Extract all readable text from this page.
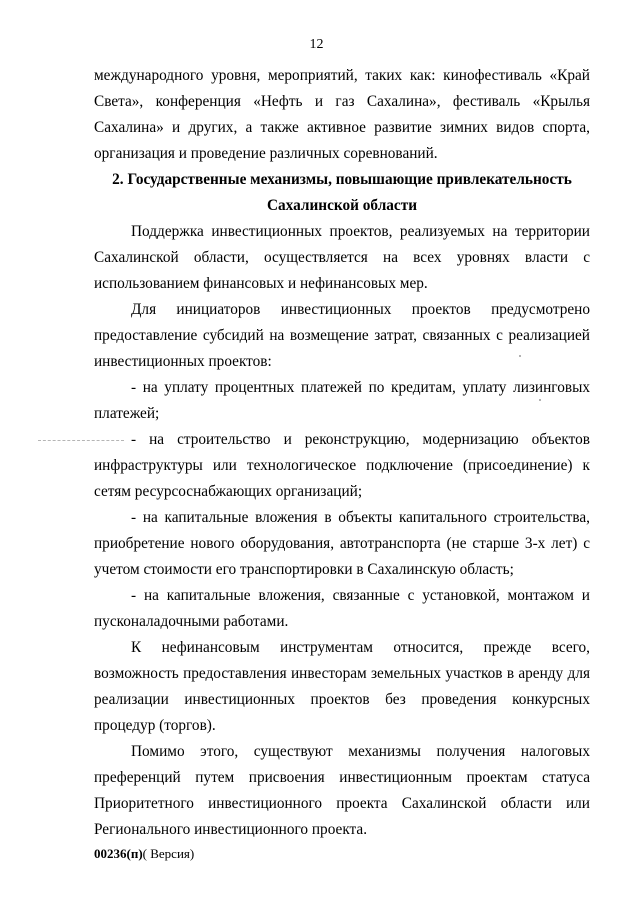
12

международного уровня, мероприятий, таких как: кинофестиваль «Край Света», конференция «Нефть и газ Сахалина», фестиваль «Крылья Сахалина» и других, а также активное развитие зимних видов спорта, организация и проведение различных соревнований.

2. Государственные механизмы, повышающие привлекательность Сахалинской области

Поддержка инвестиционных проектов, реализуемых на территории Сахалинской области, осуществляется на всех уровнях власти с использованием финансовых и нефинансовых мер.

Для инициаторов инвестиционных проектов предусмотрено предоставление субсидий на возмещение затрат, связанных с реализацией инвестиционных проектов:

- на уплату процентных платежей по кредитам, уплату лизинговых платежей;

- на строительство и реконструкцию, модернизацию объектов инфраструктуры или технологическое подключение (присоединение) к сетям ресурсоснабжающих организаций;

- на капитальные вложения в объекты капитального строительства, приобретение нового оборудования, автотранспорта (не старше 3-х лет) с учетом стоимости его транспортировки в Сахалинскую область;

- на капитальные вложения, связанные с установкой, монтажом и пусконаладочными работами.

К нефинансовым инструментам относится, прежде всего, возможность предоставления инвесторам земельных участков в аренду для реализации инвестиционных проектов без проведения конкурсных процедур (торгов).

Помимо этого, существуют механизмы получения налоговых преференций путем присвоения инвестиционным проектам статуса Приоритетного инвестиционного проекта Сахалинской области или Регионального инвестиционного проекта.

00236(п)( Версия)
